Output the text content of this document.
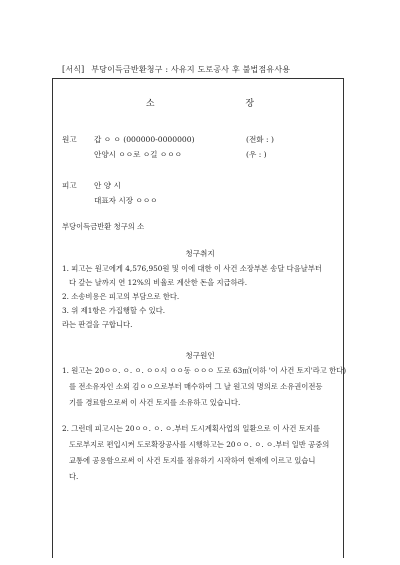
[서식] 부당이득금반환청구 : 사유지 도로공사 후 불법점유사용
소 장
원고 갑 ㅇ ㅇ (000000-0000000)	(전화 : )
안양시 ㅇㅇ로 ㅇ길 ㅇㅇㅇ	(우 : )
피고 안 양 시
대표자 시장 ㅇㅇㅇ
부당이득금반환 청구의 소
청구취지
1. 피고는 원고에게 4,576,950원 및 이에 대한 이 사건 소장부본 송달 다음날부터
다 갚는 날까지 연 12%의 비율로 계산한 돈을 지급하라.
2. 소송비용은 피고의 부담으로 한다.
3. 위 제1항은 가집행할 수 있다.
라는 판결을 구합니다.
청구원인
1. 원고는 20ㅇㅇ. ㅇ. ㅇ. ㅇㅇ시 ㅇㅇ동 ㅇㅇㅇ 도로 63㎡(이하 '이 사건 토지'라고 한다)
를 전소유자인 소외 김ㅇㅇ으로부터 매수하여 그 날 원고의 명의로 소유권이전등
기를 경료함으로써 이 사건 토지를 소유하고 있습니다.
2. 그런데 피고시는 20ㅇㅇ. ㅇ. ㅇ.부터 도시계획사업의 일환으로 이 사건 토지를
도로부지로 편입시켜 도로확장공사를 시행하고는 20ㅇㅇ. ㅇ. ㅇ.부터 일반 공중의
교통에 공용함으로써 이 사건 토지를 점유하기 시작하여 현재에 이르고 있습니
다.
